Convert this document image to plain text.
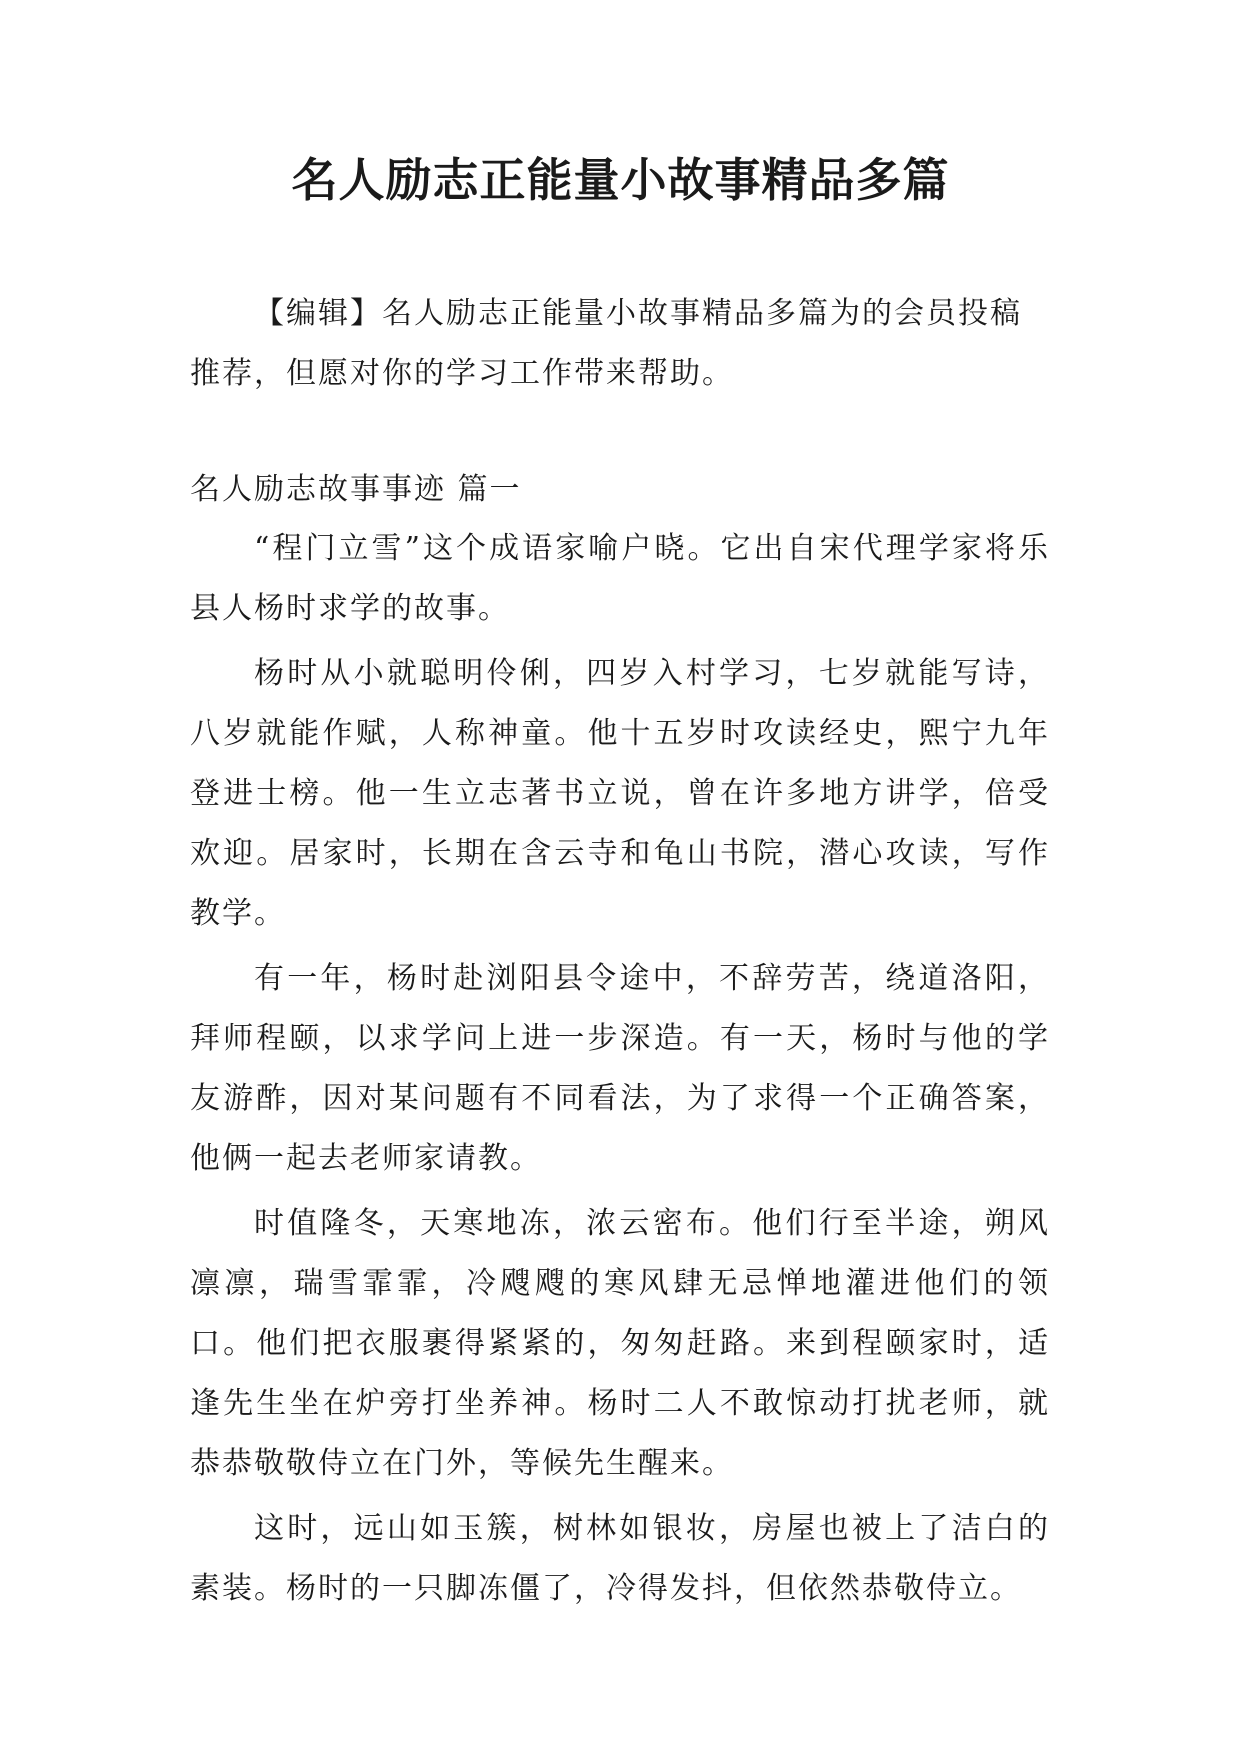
名人励志正能量小故事精品多篇

【编辑】名人励志正能量小故事精品多篇为的会员投稿推荐，但愿对你的学习工作带来帮助。

名人励志故事事迹 篇一

“程门立雪”这个成语家喻户晓。它出自宋代理学家将乐县人杨时求学的故事。

杨时从小就聪明伶俐，四岁入村学习，七岁就能写诗，八岁就能作赋，人称神童。他十五岁时攻读经史，熙宁九年登进士榜。他一生立志著书立说，曾在许多地方讲学，倍受欢迎。居家时，长期在含云寺和龟山书院，潜心攻读，写作教学。

有一年，杨时赴浏阳县令途中，不辞劳苦，绕道洛阳，拜师程颐，以求学问上进一步深造。有一天，杨时与他的学友游酢，因对某问题有不同看法，为了求得一个正确答案，他俩一起去老师家请教。

时值隆冬，天寒地冻，浓云密布。他们行至半途，朔风凛凛，瑞雪霏霏，冷飕飕的寒风肆无忌惮地灌进他们的领口。他们把衣服裹得紧紧的，匆匆赶路。来到程颐家时，适逢先生坐在炉旁打坐养神。杨时二人不敢惊动打扰老师，就恭恭敬敬侍立在门外，等候先生醒来。

这时，远山如玉簇，树林如银妆，房屋也被上了洁白的素装。杨时的一只脚冻僵了，冷得发抖，但依然恭敬侍立。
